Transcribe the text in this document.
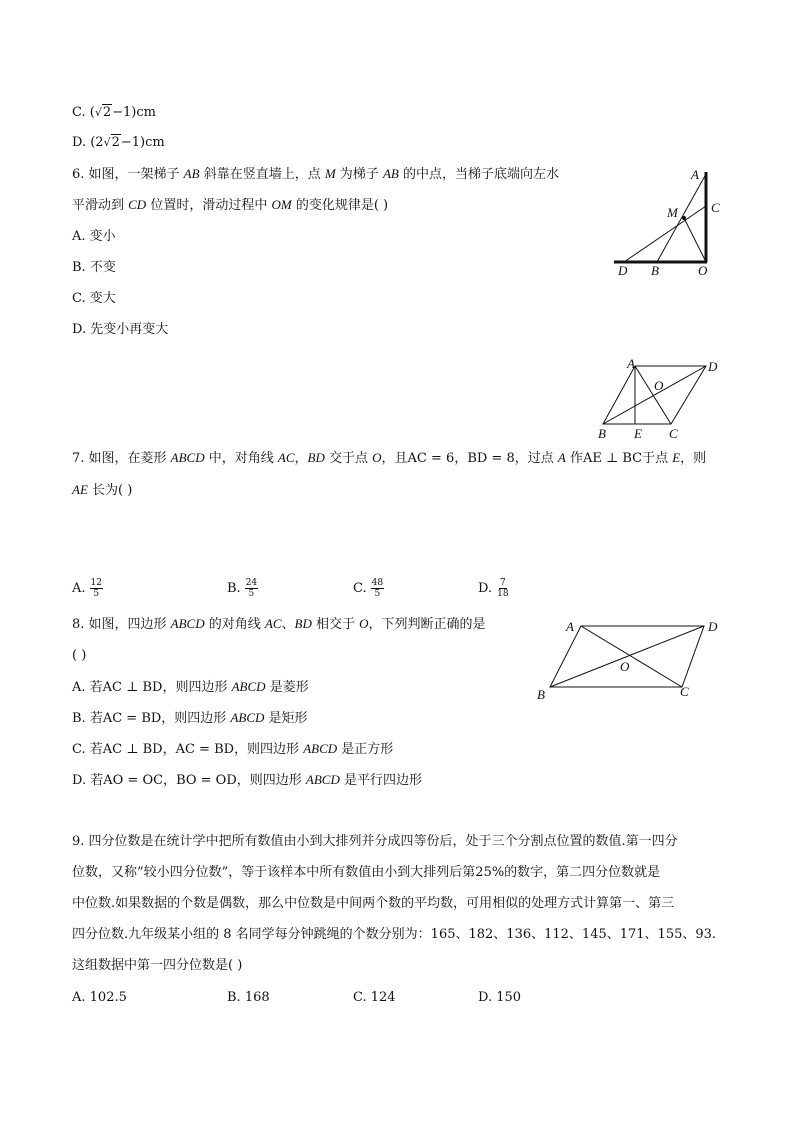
C. (√2−1)cm
D. (2√2−1)cm
6. 如图，一架梯子 AB 斜靠在竖直墙上，点 M 为梯子 AB 的中点，当梯子底端向左水
平滑动到 CD 位置时，滑动过程中 OM 的变化规律是( )
A. 变小
B. 不变
C. 变大
D. 先变小再变大
A
M	C
D B	O
A	D
O
B E C
7. 如图，在菱形 ABCD 中，对角线 AC，BD 交于点 O，且AC = 6，BD = 8，过点 A 作AE ⊥ BC于点 E，则
AE 长为( )
A. $\frac{12}{5}$	B. $\frac{24}{5}$	C. $\frac{48}{5}$	D. $\frac{7}{18}$
8. 如图，四边形 ABCD 的对角线 AC、BD 相交于 O，下列判断正确的是
( )
A. 若AC ⊥ BD，则四边形 ABCD 是菱形
B. 若AC = BD，则四边形 ABCD 是矩形
C. 若AC ⊥ BD，AC = BD，则四边形 ABCD 是正方形
D. 若AO = OC，BO = OD，则四边形 ABCD 是平行四边形
A	D
O
B	C
9. 四分位数是在统计学中把所有数值由小到大排列并分成四等份后，处于三个分割点位置的数值.第一四分
位数，又称”较小四分位数”，等于该样本中所有数值由小到大排列后第25%的数字，第二四分位数就是
中位数.如果数据的个数是偶数，那么中位数是中间两个数的平均数，可用相似的处理方式计算第一、第三
四分位数.九年级某小组的 8 名同学每分钟跳绳的个数分别为：165、182、136、112、145、171、155、93.
这组数据中第一四分位数是( )
A. 102.5	B. 168	C. 124	D. 150
